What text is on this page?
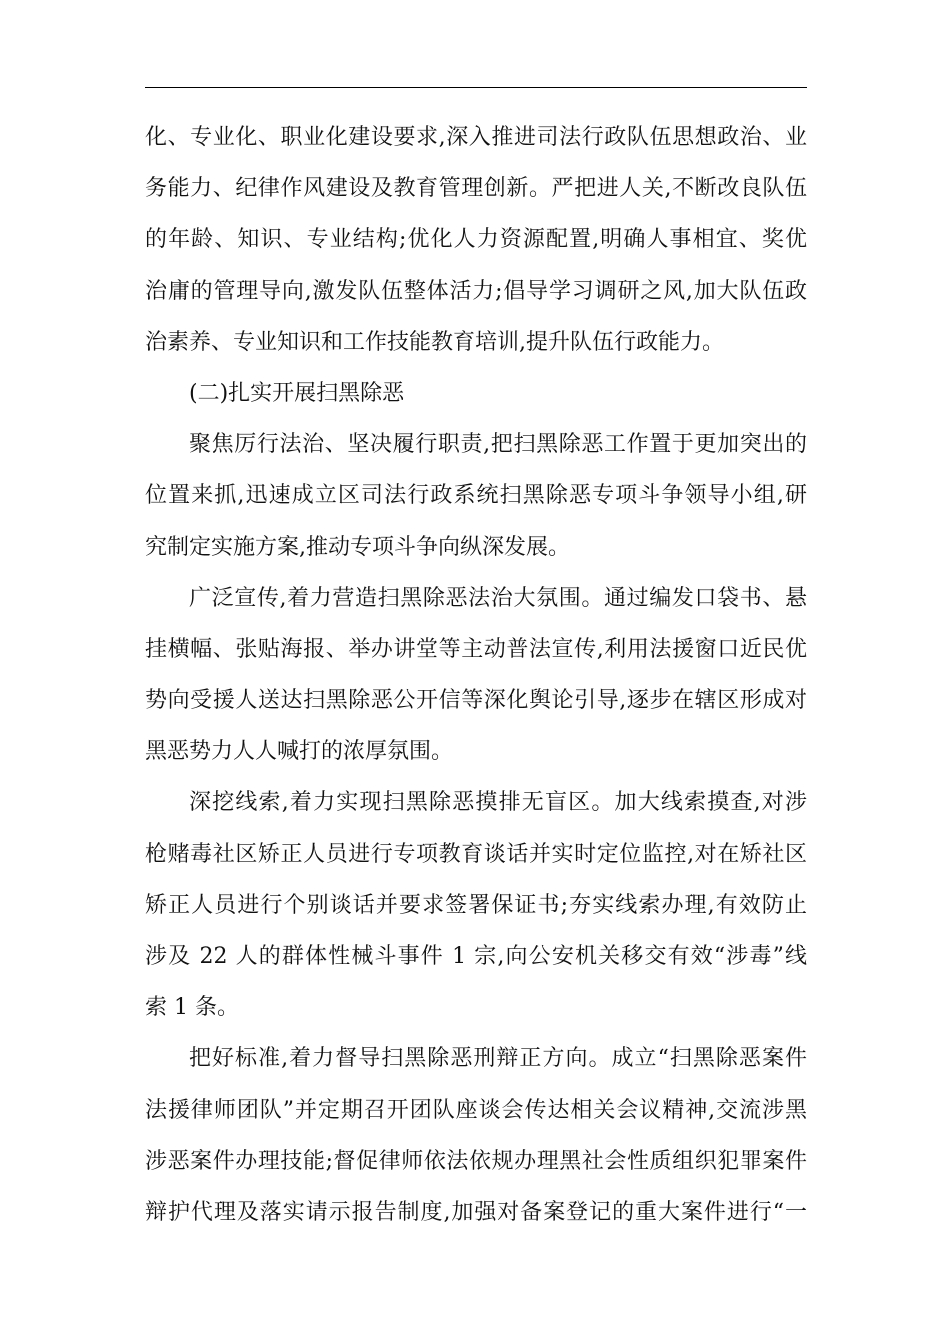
化、专业化、职业化建设要求,深入推进司法行政队伍思想政治、业
务能力、纪律作风建设及教育管理创新。严把进人关,不断改良队伍
的年龄、知识、专业结构;优化人力资源配置,明确人事相宜、奖优
治庸的管理导向,激发队伍整体活力;倡导学习调研之风,加大队伍政
治素养、专业知识和工作技能教育培训,提升队伍行政能力。
(二)扎实开展扫黑除恶
聚焦厉行法治、坚决履行职责,把扫黑除恶工作置于更加突出的
位置来抓,迅速成立区司法行政系统扫黑除恶专项斗争领导小组,研
究制定实施方案,推动专项斗争向纵深发展。
广泛宣传,着力营造扫黑除恶法治大氛围。通过编发口袋书、悬
挂横幅、张贴海报、举办讲堂等主动普法宣传,利用法援窗口近民优
势向受援人送达扫黑除恶公开信等深化舆论引导,逐步在辖区形成对
黑恶势力人人喊打的浓厚氛围。
深挖线索,着力实现扫黑除恶摸排无盲区。加大线索摸查,对涉
枪赌毒社区矫正人员进行专项教育谈话并实时定位监控,对在矫社区
矫正人员进行个别谈话并要求签署保证书;夯实线索办理,有效防止
涉及 22 人的群体性械斗事件 1 宗,向公安机关移交有效“涉毒”线
索 1 条。
把好标准,着力督导扫黑除恶刑辩正方向。成立“扫黑除恶案件
法援律师团队”并定期召开团队座谈会传达相关会议精神,交流涉黑
涉恶案件办理技能;督促律师依法依规办理黑社会性质组织犯罪案件
辩护代理及落实请示报告制度,加强对备案登记的重大案件进行“一
